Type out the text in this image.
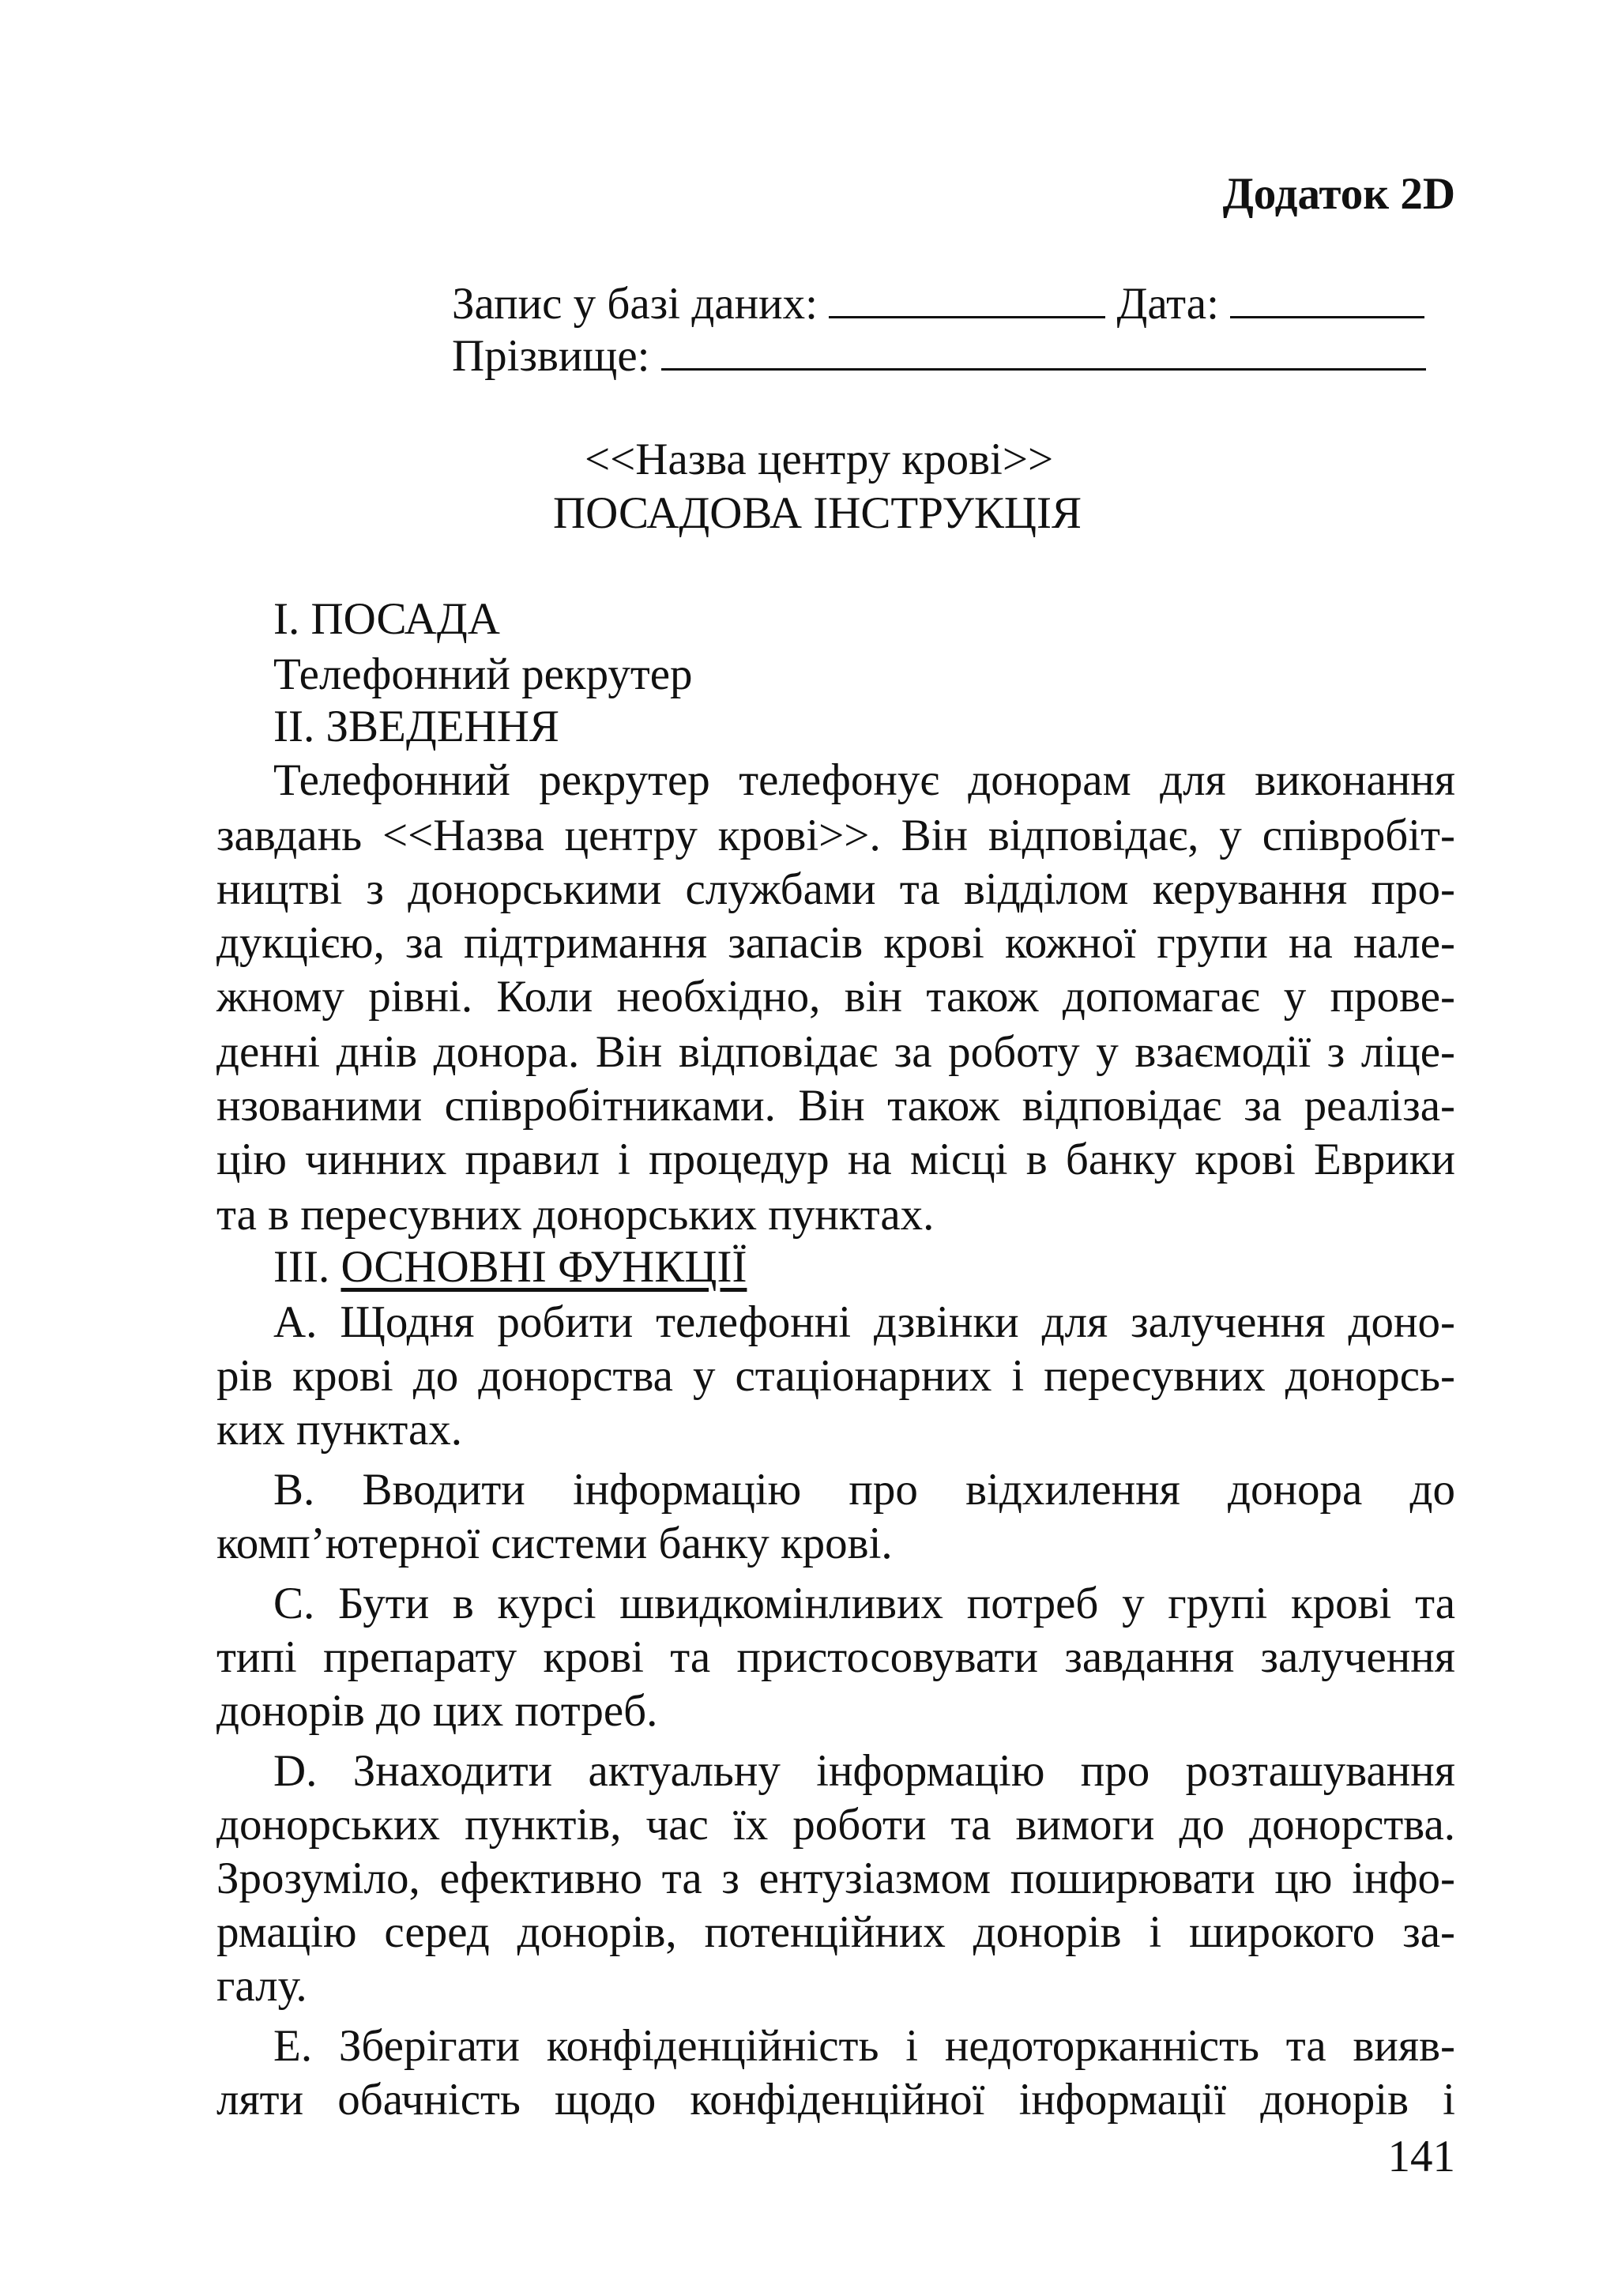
Додаток 2D
Запис у базі даних:	Дата:
Прізвище:
<<Назва центру крові>>
ПОСАДОВА ІНСТРУКЦІЯ
І. ПОСАДА
Телефонний рекрутер
ІІ. ЗВЕДЕННЯ
Телефонний рекрутер телефонує донорам для виконання
завдань <<Назва центру крові>>. Він відповідає, у співробіт-
ництві з донорськими службами та відділом керування про-
дукцією, за підтримання запасів крові кожної групи на нале-
жному рівні. Коли необхідно, він також допомагає у прове-
денні днів донора. Він відповідає за роботу у взаємодії з ліце-
нзованими співробітниками. Він також відповідає за реаліза-
цію чинних правил і процедур на місці в банку крові Еврики
та в пересувних донорських пунктах.
ІІІ. ОСНОВНІ ФУНКЦІЇ
А. Щодня робити телефонні дзвінки для залучення доно-
рів крові до донорства у стаціонарних і пересувних донорсь-
ких пунктах.
В. Вводити інформацію про відхилення донора до
комп’ютерної системи банку крові.
С. Бути в курсі швидкомінливих потреб у групі крові та
типі препарату крові та пристосовувати завдання залучення
донорів до цих потреб.
D. Знаходити актуальну інформацію про розташування
донорських пунктів, час їх роботи та вимоги до донорства.
Зрозуміло, ефективно та з ентузіазмом поширювати цю інфо-
рмацію серед донорів, потенційних донорів і широкого за-
галу.
Е. Зберігати конфіденційність і недоторканність та вияв-
ляти обачність щодо конфіденційної інформації донорів і
141
